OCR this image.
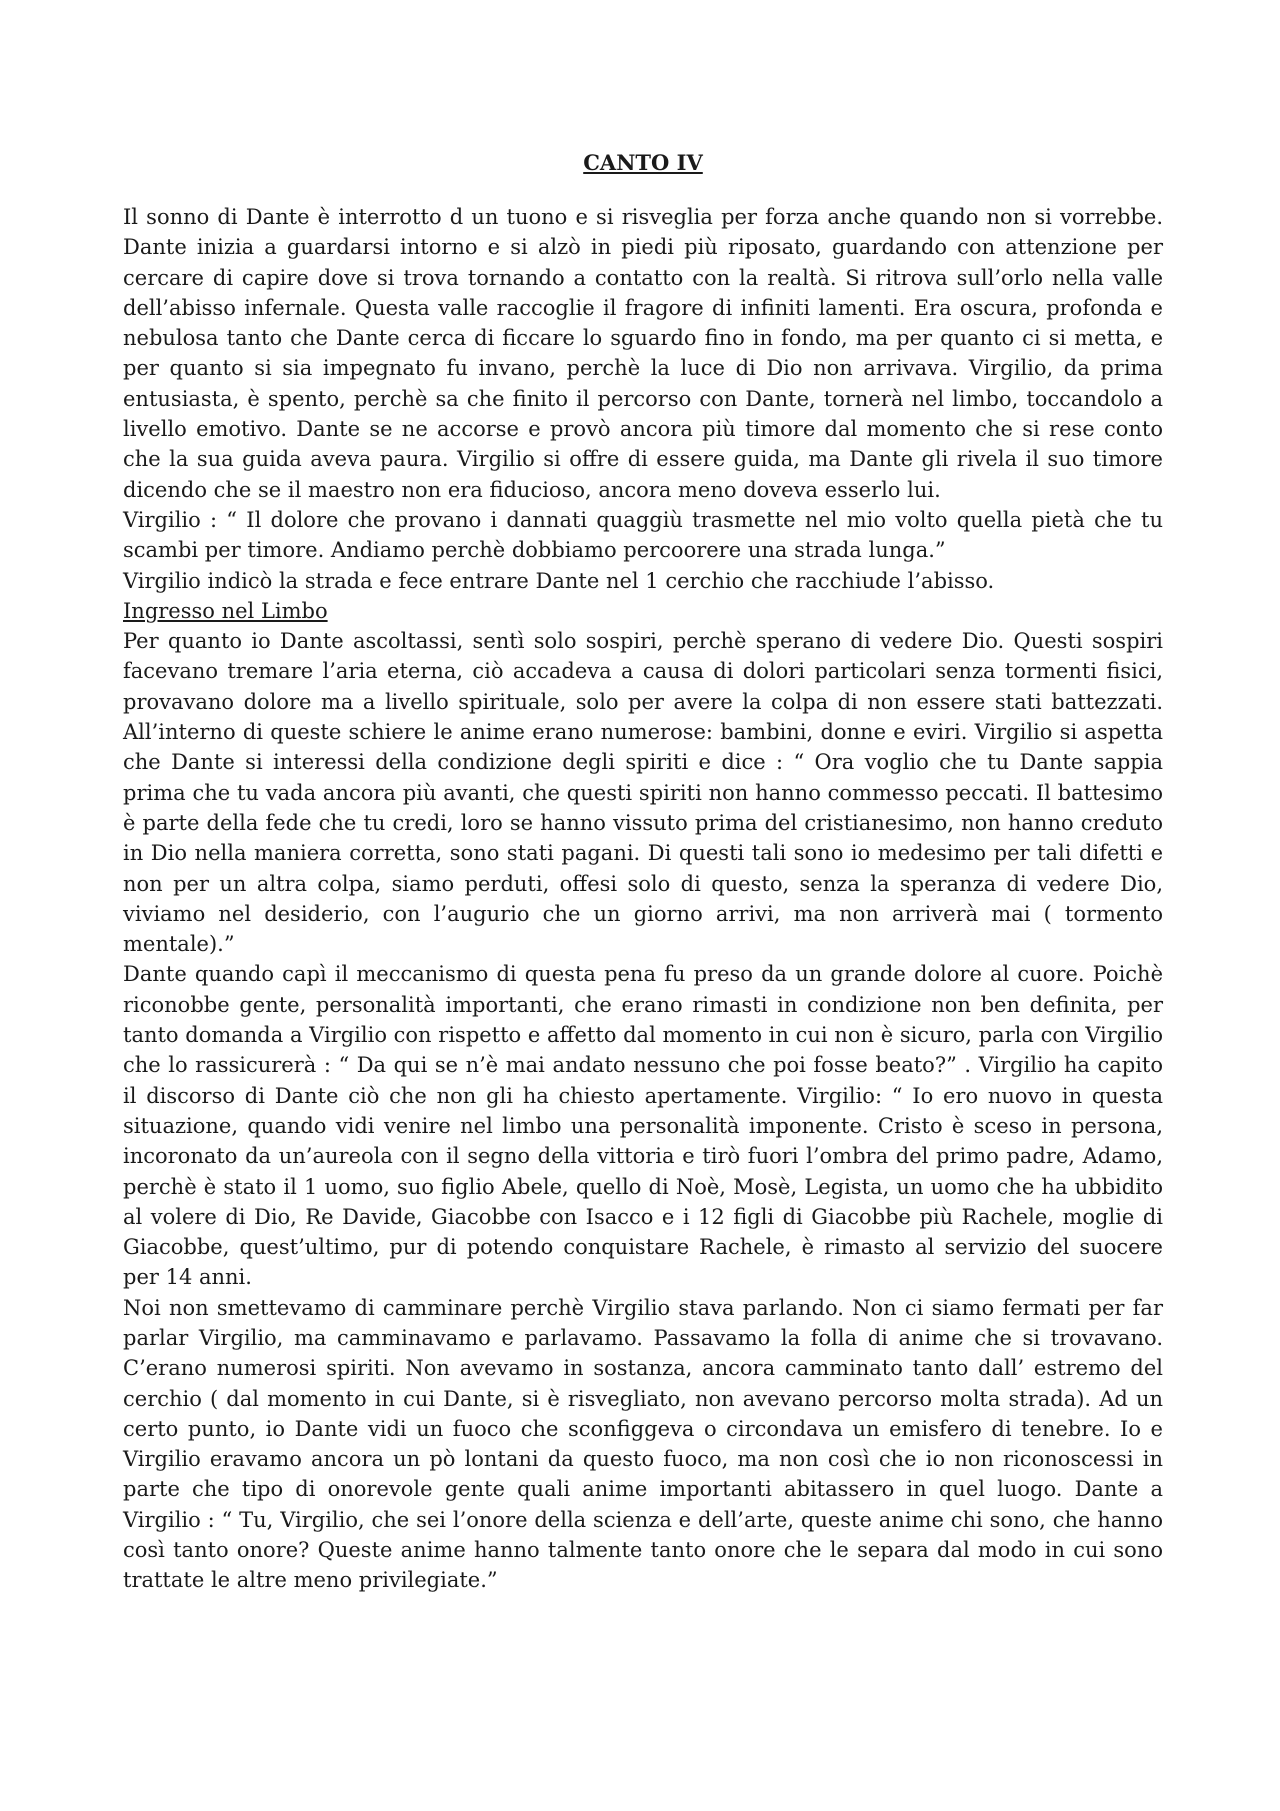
CANTO IV

Il sonno di Dante è interrotto d un tuono e si risveglia per forza anche quando non si vorrebbe. Dante inizia a guardarsi intorno e si alzò in piedi più riposato, guardando con attenzione per cercare di capire dove si trova tornando a contatto con la realtà. Si ritrova sull’orlo nella valle dell’abisso infernale. Questa valle raccoglie il fragore di infiniti lamenti. Era oscura, profonda e nebulosa tanto che Dante cerca di ficcare lo sguardo fino in fondo, ma per quanto ci si metta, e per quanto si sia impegnato fu invano, perchè la luce di Dio non arrivava. Virgilio, da prima entusiasta, è spento, perchè sa che finito il percorso con Dante, tornerà nel limbo, toccandolo a livello emotivo. Dante se ne accorse e provò ancora più timore dal momento che si rese conto che la sua guida aveva paura. Virgilio si offre di essere guida, ma Dante gli rivela il suo timore dicendo che se il maestro non era fiducioso, ancora meno doveva esserlo lui.

Virgilio : “ Il dolore che provano i dannati quaggiù trasmette nel mio volto quella pietà che tu scambi per timore. Andiamo perchè dobbiamo percoorere una strada lunga.”

Virgilio indicò la strada e fece entrare Dante nel 1 cerchio che racchiude l’abisso.

Ingresso nel Limbo

Per quanto io Dante ascoltassi, sentì solo sospiri, perchè sperano di vedere Dio. Questi sospiri facevano tremare l’aria eterna, ciò accadeva a causa di dolori particolari senza tormenti fisici, provavano dolore ma a livello spirituale, solo per avere la colpa di non essere stati battezzati. All’interno di queste schiere le anime erano numerose: bambini, donne e eviri. Virgilio si aspetta che Dante si interessi della condizione degli spiriti e dice : “ Ora voglio che tu Dante sappia prima che tu vada ancora più avanti, che questi spiriti non hanno commesso peccati. Il battesimo è parte della fede che tu credi, loro se hanno vissuto prima del cristianesimo, non hanno creduto in Dio nella maniera corretta, sono stati pagani. Di questi tali sono io medesimo per tali difetti e non per un altra colpa, siamo perduti, offesi solo di questo, senza la speranza di vedere Dio, viviamo nel desiderio, con l’augurio che un giorno arrivi, ma non arriverà mai ( tormento mentale).”

Dante quando capì il meccanismo di questa pena fu preso da un grande dolore al cuore. Poichè riconobbe gente, personalità importanti, che erano rimasti in condizione non ben definita, per tanto domanda a Virgilio con rispetto e affetto dal momento in cui non è sicuro, parla con Virgilio che lo rassicurerà : “ Da qui se n’è mai andato nessuno che poi fosse beato?” . Virgilio ha capito il discorso di Dante ciò che non gli ha chiesto apertamente. Virgilio: “ Io ero nuovo in questa situazione, quando vidi venire nel limbo una personalità imponente. Cristo è sceso in persona, incoronato da un’aureola con il segno della vittoria e tirò fuori l’ombra del primo padre, Adamo, perchè è stato il 1 uomo, suo figlio Abele, quello di Noè, Mosè, Legista, un uomo che ha ubbidito al volere di Dio, Re Davide, Giacobbe con Isacco e i 12 figli di Giacobbe più Rachele, moglie di Giacobbe, quest’ultimo, pur di potendo conquistare Rachele, è rimasto al servizio del suocere per 14 anni.

Noi non smettevamo di camminare perchè Virgilio stava parlando. Non ci siamo fermati per far parlar Virgilio, ma camminavamo e parlavamo. Passavamo la folla di anime che si trovavano. C’erano numerosi spiriti. Non avevamo in sostanza, ancora camminato tanto dall’ estremo del cerchio ( dal momento in cui Dante, si è risvegliato, non avevano percorso molta strada). Ad un certo punto, io Dante vidi un fuoco che sconfiggeva o circondava un emisfero di tenebre. Io e Virgilio eravamo ancora un pò lontani da questo fuoco, ma non così che io non riconoscessi in parte che tipo di onorevole gente quali anime importanti abitassero in quel luogo. Dante a Virgilio : “ Tu, Virgilio, che sei l’onore della scienza e dell’arte, queste anime chi sono, che hanno così tanto onore? Queste anime hanno talmente tanto onore che le separa dal modo in cui sono trattate le altre meno privilegiate.”
